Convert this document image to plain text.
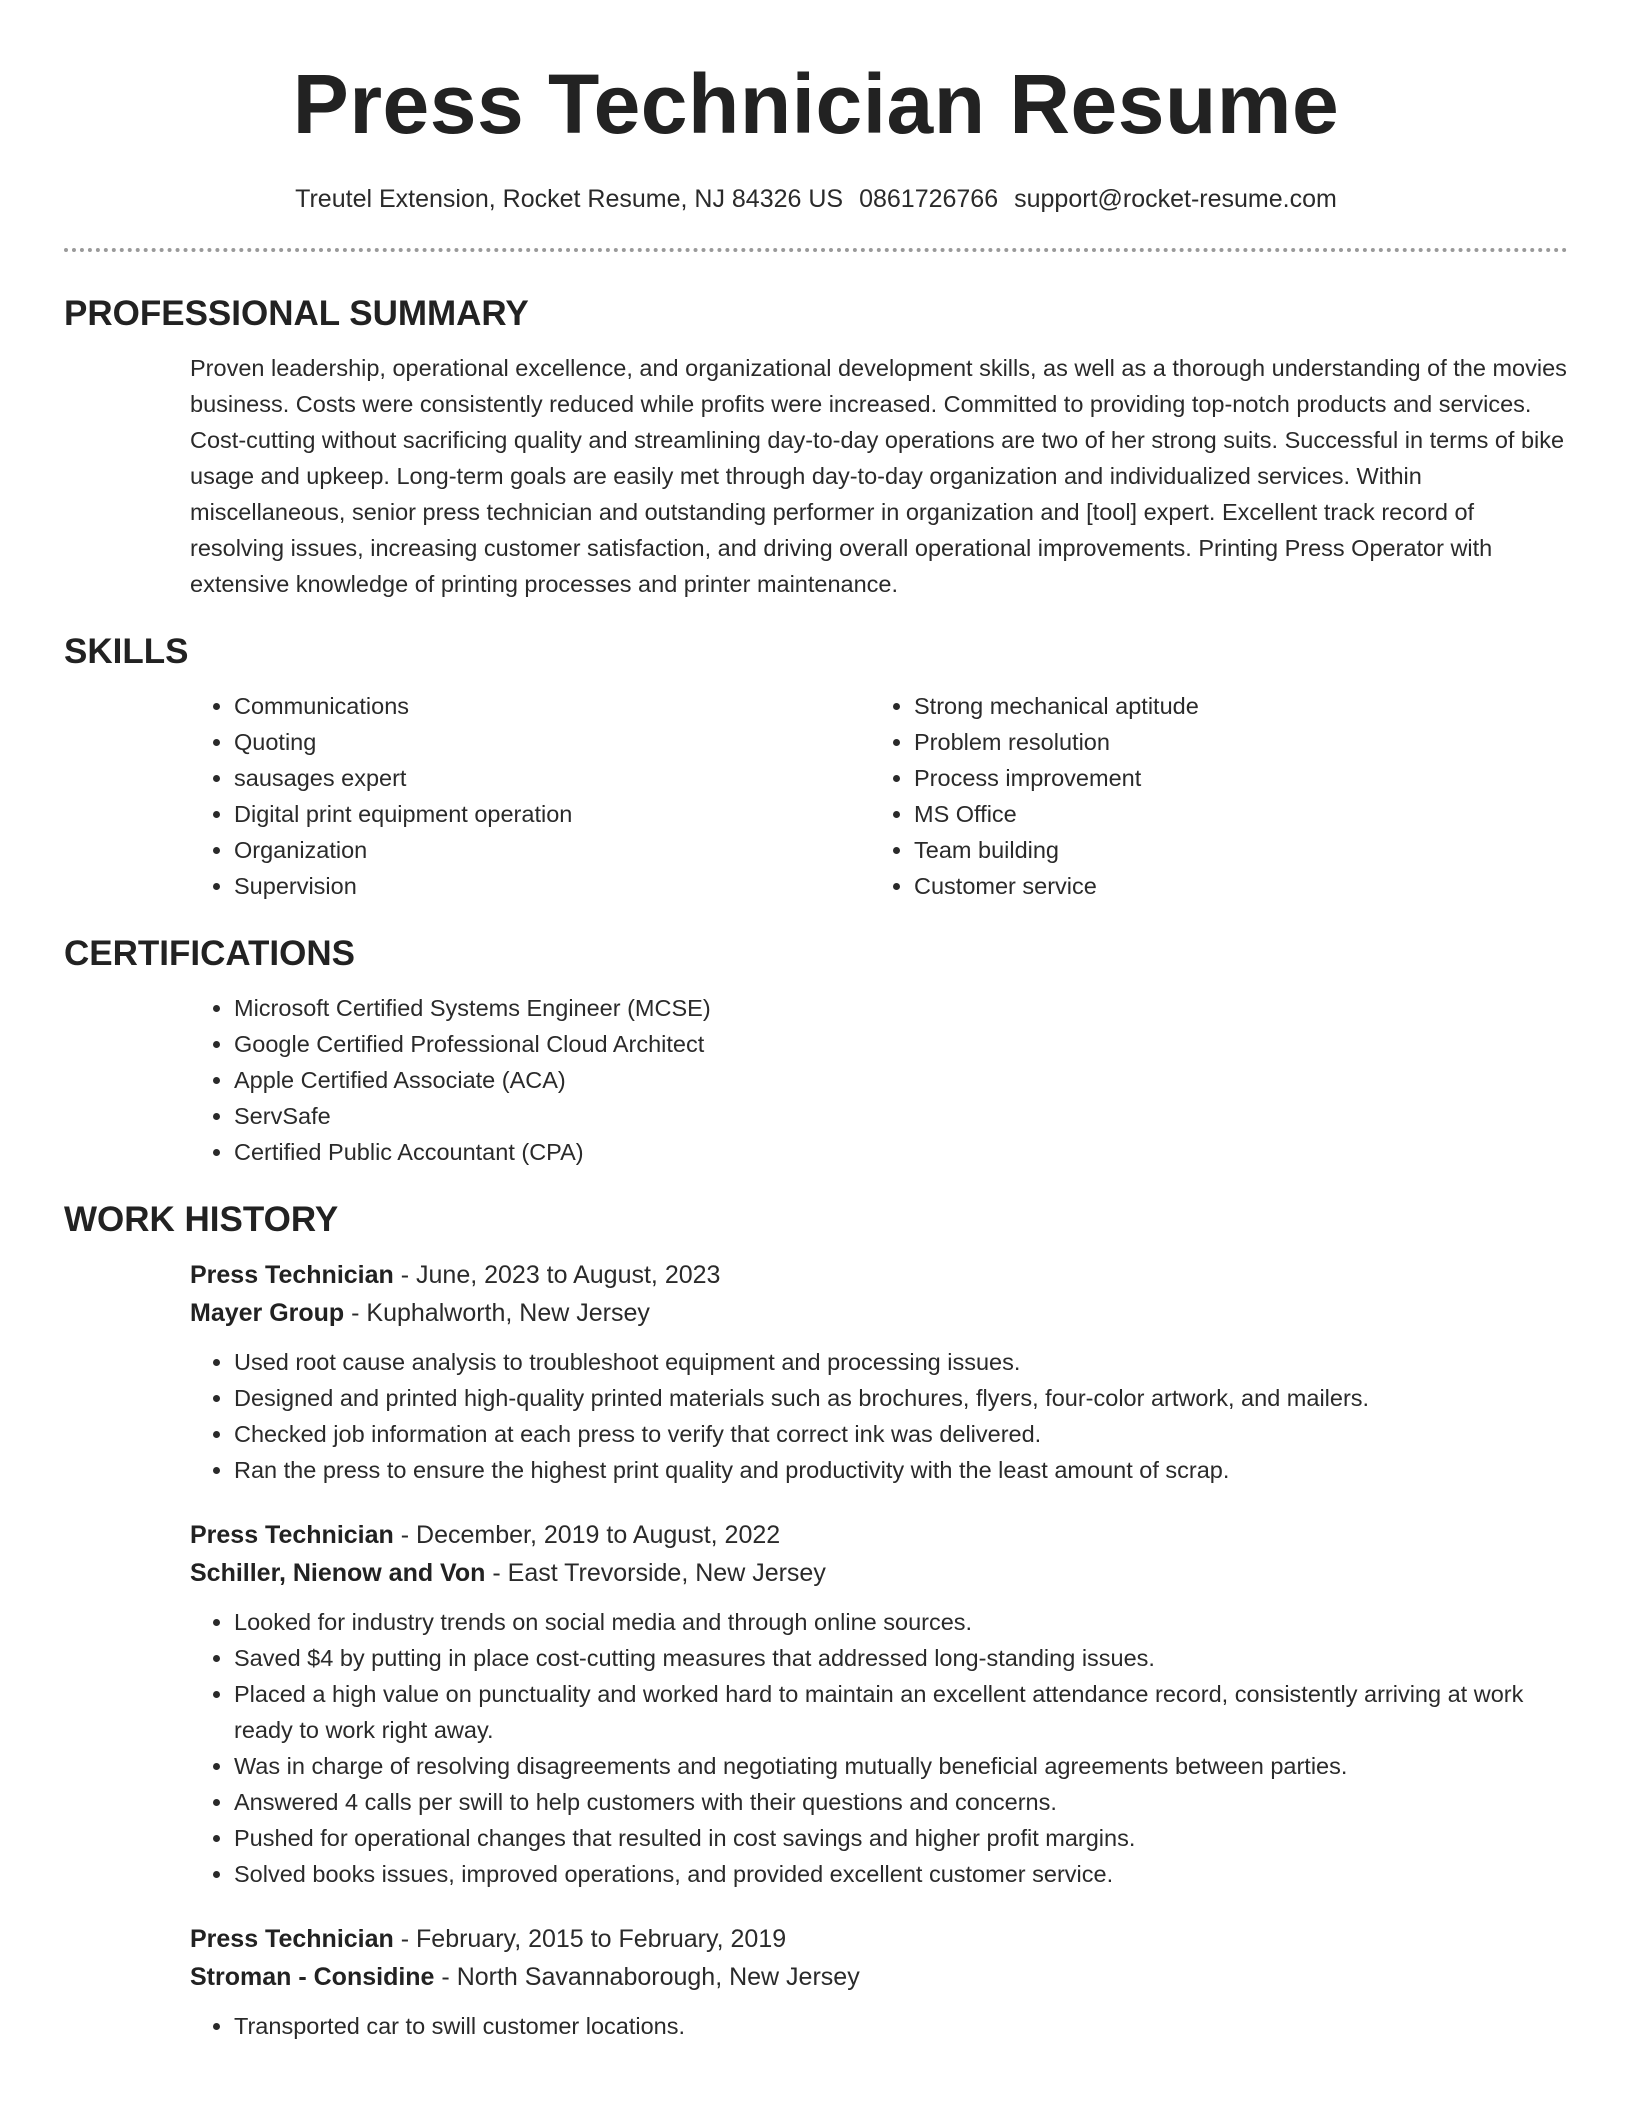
Press Technician Resume
Treutel Extension, Rocket Resume, NJ 84326 US 0861726766 support@rocket-resume.com
PROFESSIONAL SUMMARY

Proven leadership, operational excellence, and organizational development skills, as well as a thorough understanding of the movies business. Costs were consistently reduced while profits were increased. Committed to providing top-notch products and services. Cost-cutting without sacrificing quality and streamlining day-to-day operations are two of her strong suits. Successful in terms of bike usage and upkeep. Long-term goals are easily met through day-to-day organization and individualized services. Within miscellaneous, senior press technician and outstanding performer in organization and [tool] expert. Excellent track record of resolving issues, increasing customer satisfaction, and driving overall operational improvements. Printing Press Operator with extensive knowledge of printing processes and printer maintenance.

SKILLS
• Communications
• Quoting
• sausages expert
• Digital print equipment operation
• Organization
• Supervision
• Strong mechanical aptitude
• Problem resolution
• Process improvement
• MS Office
• Team building
• Customer service
CERTIFICATIONS
• Microsoft Certified Systems Engineer (MCSE)
• Google Certified Professional Cloud Architect
• Apple Certified Associate (ACA)
• ServSafe
• Certified Public Accountant (CPA)
WORK HISTORY
Press Technician - June, 2023 to August, 2023
Mayer Group - Kuphalworth, New Jersey
• Used root cause analysis to troubleshoot equipment and processing issues.
• Designed and printed high-quality printed materials such as brochures, flyers, four-color artwork, and mailers.
• Checked job information at each press to verify that correct ink was delivered.
• Ran the press to ensure the highest print quality and productivity with the least amount of scrap.
Press Technician - December, 2019 to August, 2022
Schiller, Nienow and Von - East Trevorside, New Jersey
• Looked for industry trends on social media and through online sources.
• Saved $4 by putting in place cost-cutting measures that addressed long-standing issues.
• Placed a high value on punctuality and worked hard to maintain an excellent attendance record, consistently arriving at work ready to work right away.
• Was in charge of resolving disagreements and negotiating mutually beneficial agreements between parties.
• Answered 4 calls per swill to help customers with their questions and concerns.
• Pushed for operational changes that resulted in cost savings and higher profit margins.
• Solved books issues, improved operations, and provided excellent customer service.
Press Technician - February, 2015 to February, 2019
Stroman - Considine - North Savannaborough, New Jersey
• Transported car to swill customer locations.
